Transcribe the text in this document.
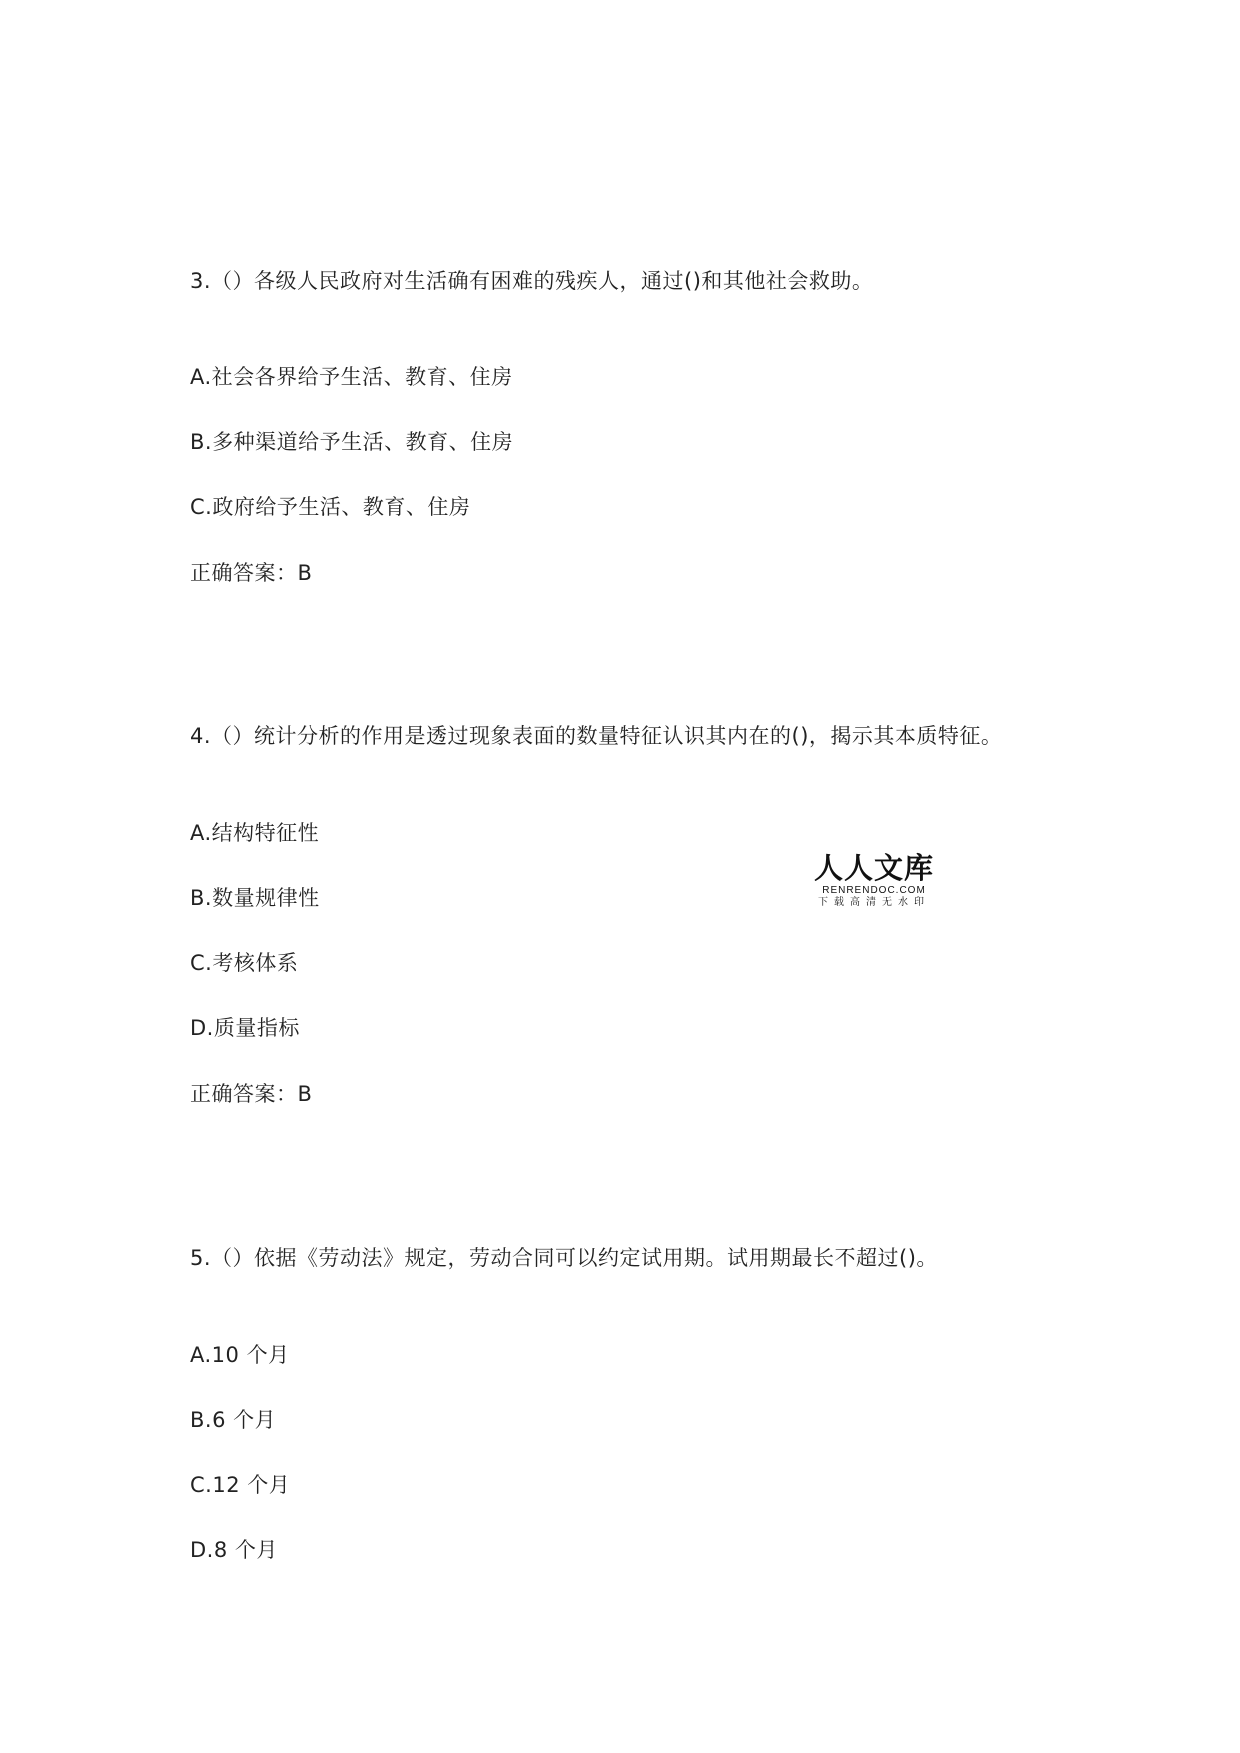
3.（）各级人民政府对生活确有困难的残疾人，通过()和其他社会救助。
A.社会各界给予生活、教育、住房
B.多种渠道给予生活、教育、住房
C.政府给予生活、教育、住房
正确答案：B
4.（）统计分析的作用是透过现象表面的数量特征认识其内在的()，揭示其本质特征。
A.结构特征性
B.数量规律性
C.考核体系
D.质量指标
正确答案：B
5.（）依据《劳动法》规定，劳动合同可以约定试用期。试用期最长不超过()。
A.10 个月
B.6 个月
C.12 个月
D.8 个月
人人文库
RENRENDOC.COM
下载高清无水印
